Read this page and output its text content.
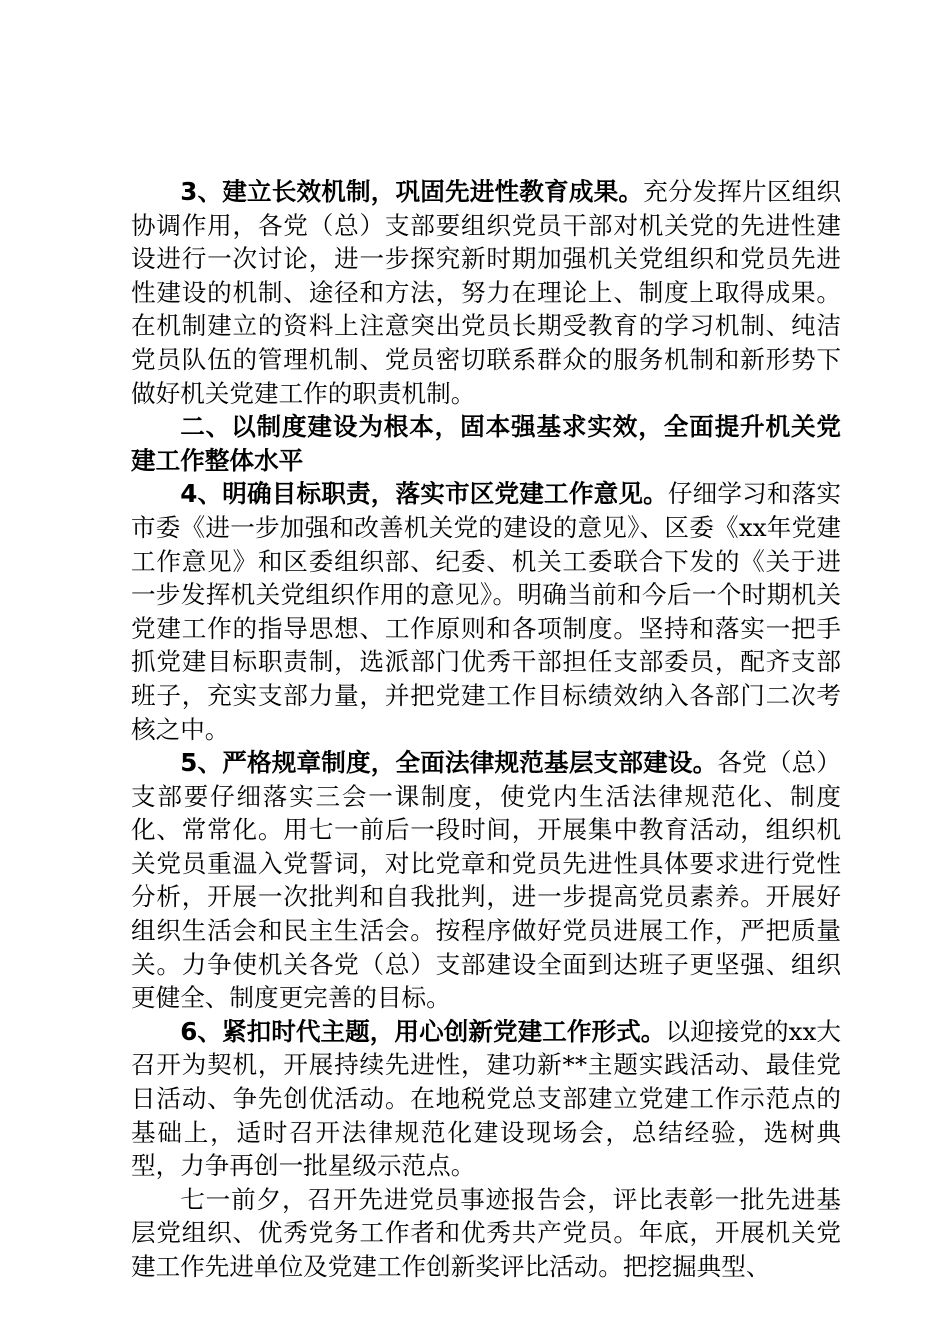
3、建立长效机制，巩固先进性教育成果。充分发挥片区组织协调作用，各党（总）支部要组织党员干部对机关党的先进性建设进行一次讨论，进一步探究新时期加强机关党组织和党员先进性建设的机制、途径和方法，努力在理论上、制度上取得成果。在机制建立的资料上注意突出党员长期受教育的学习机制、纯洁党员队伍的管理机制、党员密切联系群众的服务机制和新形势下做好机关党建工作的职责机制。

二、以制度建设为根本，固本强基求实效，全面提升机关党建工作整体水平

4、明确目标职责，落实市区党建工作意见。仔细学习和落实市委《进一步加强和改善机关党的建设的意见》、区委《xx年党建工作意见》和区委组织部、纪委、机关工委联合下发的《关于进一步发挥机关党组织作用的意见》。明确当前和今后一个时期机关党建工作的指导思想、工作原则和各项制度。坚持和落实一把手抓党建目标职责制，选派部门优秀干部担任支部委员，配齐支部班子，充实支部力量，并把党建工作目标绩效纳入各部门二次考核之中。

5、严格规章制度，全面法律规范基层支部建设。各党（总）支部要仔细落实三会一课制度，使党内生活法律规范化、制度化、常常化。用七一前后一段时间，开展集中教育活动，组织机关党员重温入党誓词，对比党章和党员先进性具体要求进行党性分析，开展一次批判和自我批判，进一步提高党员素养。开展好组织生活会和民主生活会。按程序做好党员进展工作，严把质量关。力争使机关各党（总）支部建设全面到达班子更坚强、组织更健全、制度更完善的目标。

6、紧扣时代主题，用心创新党建工作形式。以迎接党的xx大召开为契机，开展持续先进性，建功新**主题实践活动、最佳党日活动、争先创优活动。在地税党总支部建立党建工作示范点的基础上，适时召开法律规范化建设现场会，总结经验，选树典型，力争再创一批星级示范点。

七一前夕，召开先进党员事迹报告会，评比表彰一批先进基层党组织、优秀党务工作者和优秀共产党员。年底，开展机关党建工作先进单位及党建工作创新奖评比活动。把挖掘典型、
